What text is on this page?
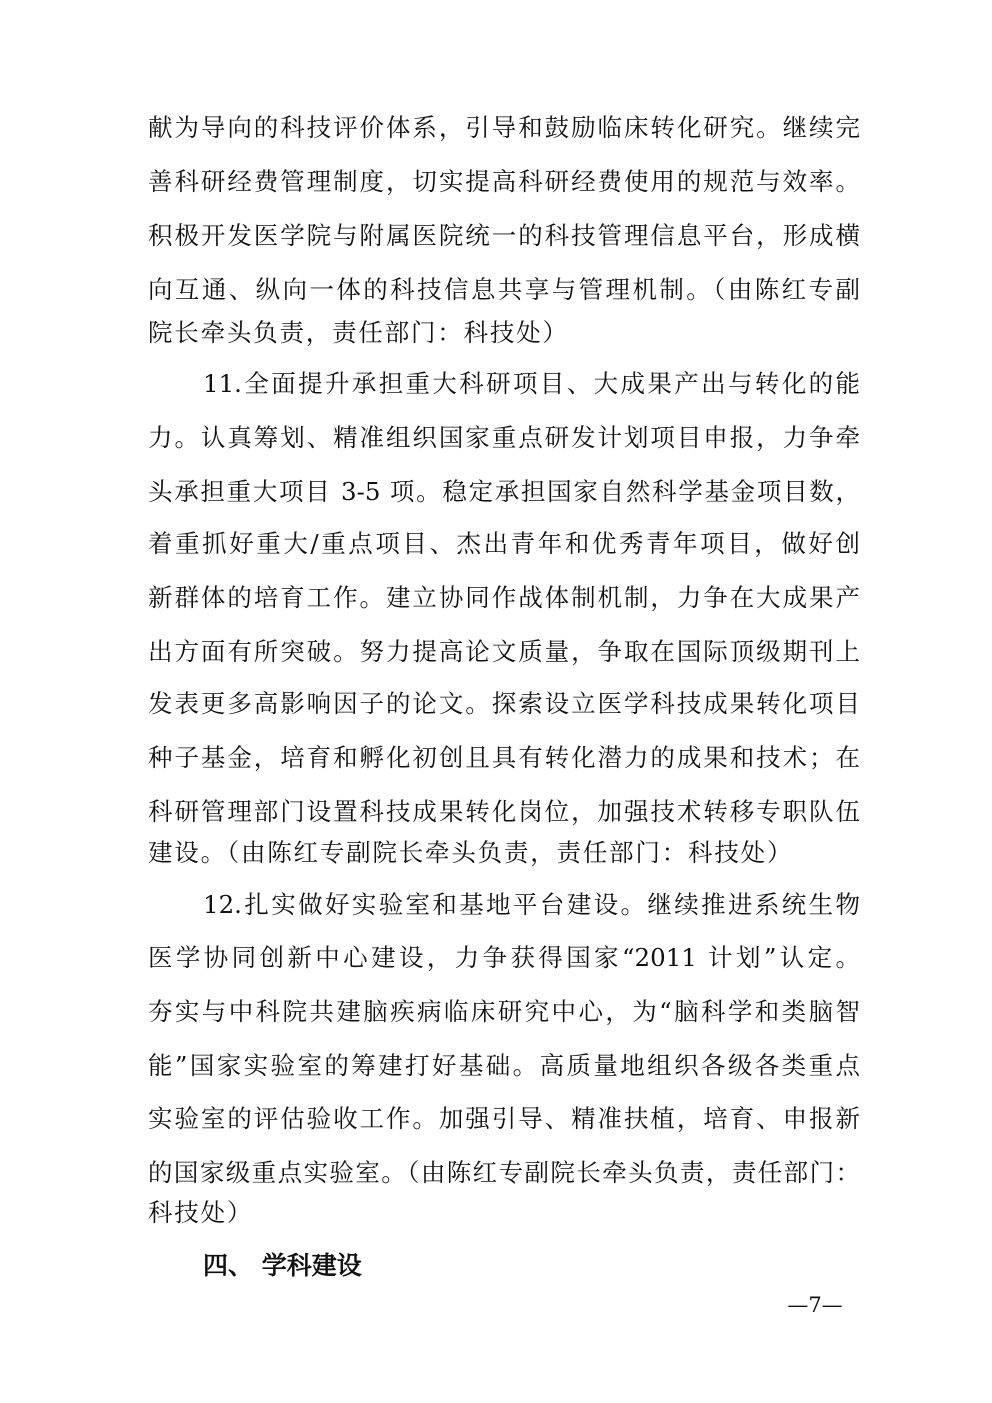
献为导向的科技评价体系，引导和鼓励临床转化研究。继续完
善科研经费管理制度，切实提高科研经费使用的规范与效率。
积极开发医学院与附属医院统一的科技管理信息平台，形成横
向互通、纵向一体的科技信息共享与管理机制。（由陈红专副
院长牵头负责，责任部门：科技处）
11.全面提升承担重大科研项目、大成果产出与转化的能
力。认真筹划、精准组织国家重点研发计划项目申报，力争牵
头承担重大项目 3-5 项。稳定承担国家自然科学基金项目数，
着重抓好重大/重点项目、杰出青年和优秀青年项目，做好创
新群体的培育工作。建立协同作战体制机制，力争在大成果产
出方面有所突破。努力提高论文质量，争取在国际顶级期刊上
发表更多高影响因子的论文。探索设立医学科技成果转化项目
种子基金，培育和孵化初创且具有转化潜力的成果和技术；在
科研管理部门设置科技成果转化岗位，加强技术转移专职队伍
建设。（由陈红专副院长牵头负责，责任部门：科技处）
12.扎实做好实验室和基地平台建设。继续推进系统生物
医学协同创新中心建设，力争获得国家“2011 计划”认定。
夯实与中科院共建脑疾病临床研究中心，为“脑科学和类脑智
能”国家实验室的筹建打好基础。高质量地组织各级各类重点
实验室的评估验收工作。加强引导、精准扶植，培育、申报新
的国家级重点实验室。（由陈红专副院长牵头负责，责任部门：
科技处）
四、 学科建设
—7—
